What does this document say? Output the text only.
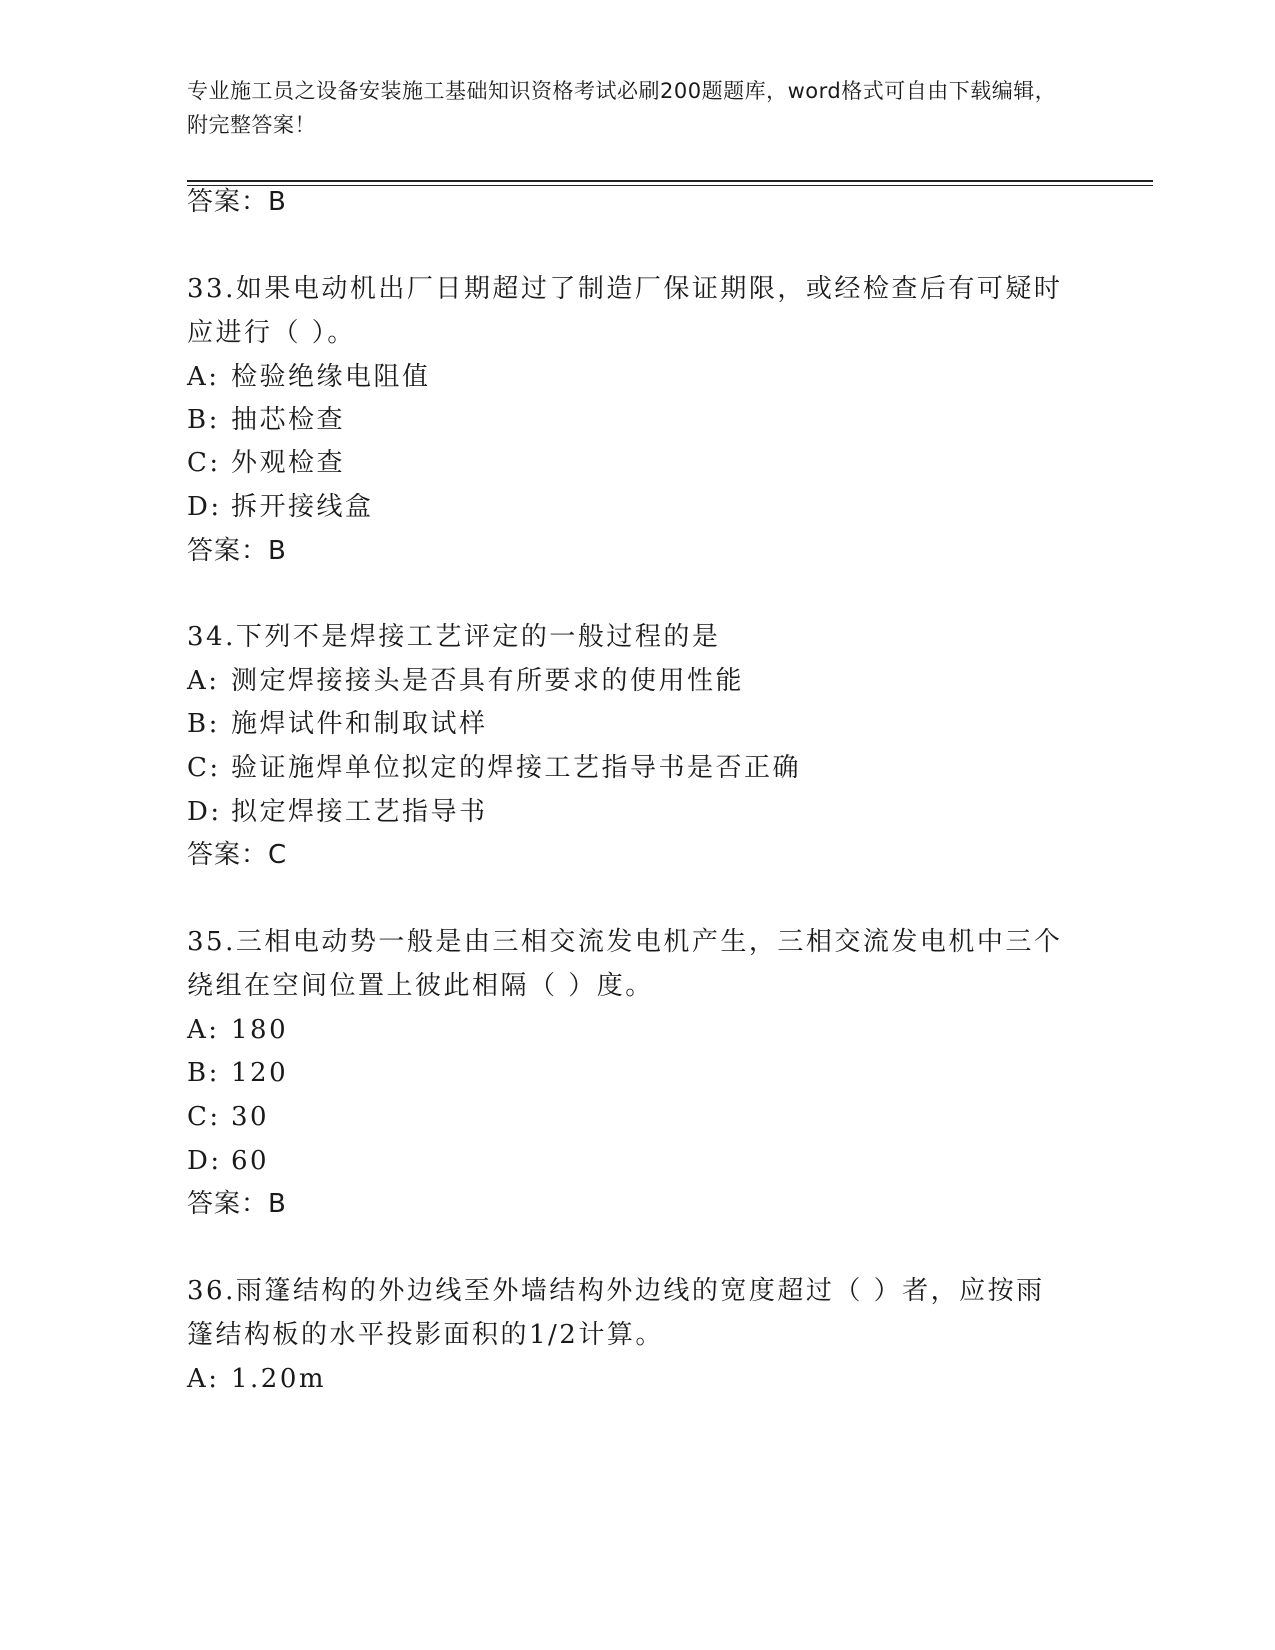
专业施工员之设备安装施工基础知识资格考试必刷200题题库，word格式可自由下载编辑，附完整答案！
答案：B
33.如果电动机出厂日期超过了制造厂保证期限，或经检查后有可疑时
应进行（ ）。
A: 检验绝缘电阻值
B: 抽芯检查
C: 外观检查
D: 拆开接线盒
答案：B
34.下列不是焊接工艺评定的一般过程的是
A: 测定焊接接头是否具有所要求的使用性能
B: 施焊试件和制取试样
C: 验证施焊单位拟定的焊接工艺指导书是否正确
D: 拟定焊接工艺指导书
答案：C
35.三相电动势一般是由三相交流发电机产生，三相交流发电机中三个
绕组在空间位置上彼此相隔（ ）度。
A: 180
B: 120
C: 30
D: 60
答案：B
36.雨篷结构的外边线至外墙结构外边线的宽度超过（ ）者，应按雨
篷结构板的水平投影面积的1/2计算。
A: 1.20m
